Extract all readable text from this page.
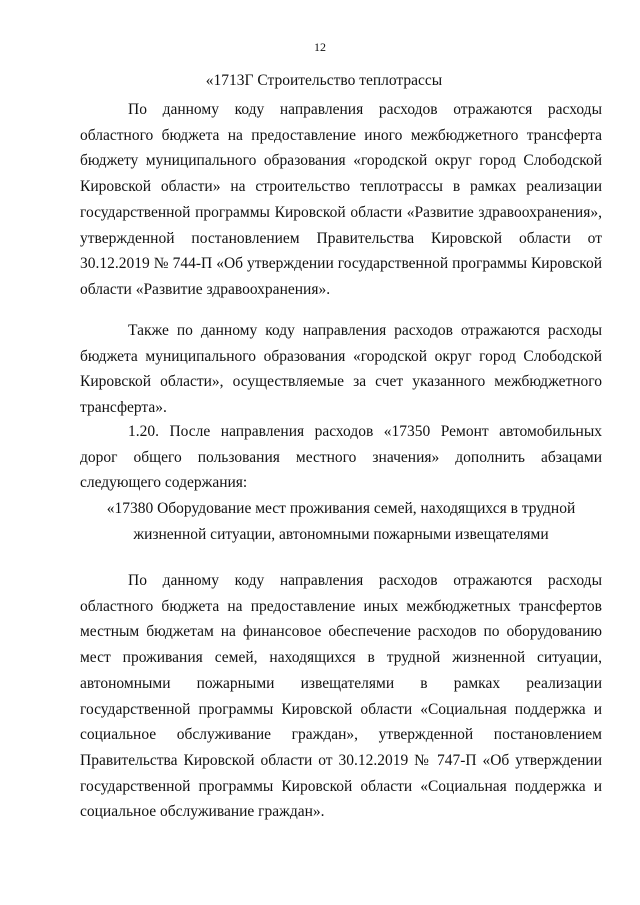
12
«1713Г Строительство теплотрассы

По данному коду направления расходов отражаются расходы областного бюджета на предоставление иного межбюджетного трансферта бюджету муниципального образования «городской округ город Слободской Кировской области» на строительство теплотрассы в рамках реализации государственной программы Кировской области «Развитие здравоохранения», утвержденной постановлением Правительства Кировской области от 30.12.2019 № 744-П «Об утверждении государственной программы Кировской области «Развитие здравоохранения».

Также по данному коду направления расходов отражаются расходы бюджета муниципального образования «городской округ город Слободской Кировской области», осуществляемые за счет указанного межбюджетного трансферта».

1.20. После направления расходов «17350 Ремонт автомобильных дорог общего пользования местного значения» дополнить абзацами следующего содержания:

«17380 Оборудование мест проживания семей, находящихся в трудной жизненной ситуации, автономными пожарными извещателями

По данному коду направления расходов отражаются расходы областного бюджета на предоставление иных межбюджетных трансфертов местным бюджетам на финансовое обеспечение расходов по оборудованию мест проживания семей, находящихся в трудной жизненной ситуации, автономными пожарными извещателями в рамках реализации государственной программы Кировской области «Социальная поддержка и социальное обслуживание граждан», утвержденной постановлением Правительства Кировской области от 30.12.2019 № 747-П «Об утверждении государственной программы Кировской области «Социальная поддержка и социальное обслуживание граждан».
